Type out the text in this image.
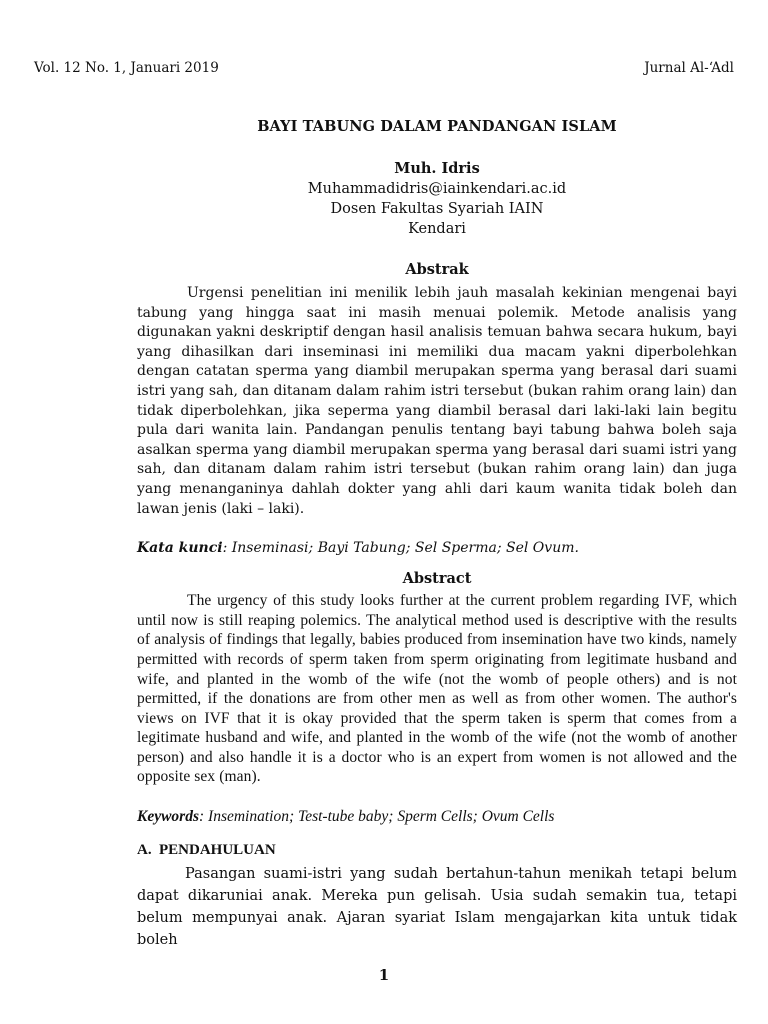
Vol. 12 No. 1, Januari 2019	Jurnal Al-‘Adl
BAYI TABUNG DALAM PANDANGAN ISLAM
Muh. Idris
Muhammadidris@iainkendari.ac.id
Dosen Fakultas Syariah IAIN
Kendari
Abstrak

Urgensi penelitian ini menilik lebih jauh masalah kekinian mengenai bayi tabung yang hingga saat ini masih menuai polemik. Metode analisis yang digunakan yakni deskriptif dengan hasil analisis temuan bahwa secara hukum, bayi yang dihasilkan dari inseminasi ini memiliki dua macam yakni diperbolehkan dengan catatan sperma yang diambil merupakan sperma yang berasal dari suami istri yang sah, dan ditanam dalam rahim istri tersebut (bukan rahim orang lain) dan tidak diperbolehkan, jika seperma yang diambil berasal dari laki-laki lain begitu pula dari wanita lain. Pandangan penulis tentang bayi tabung bahwa boleh saja asalkan sperma yang diambil merupakan sperma yang berasal dari suami istri yang sah, dan ditanam dalam rahim istri tersebut (bukan rahim orang lain) dan juga yang menanganinya dahlah dokter yang ahli dari kaum wanita tidak boleh dan lawan jenis (laki – laki).

Kata kunci: Inseminasi; Bayi Tabung; Sel Sperma; Sel Ovum.
Abstract

The urgency of this study looks further at the current problem regarding IVF, which until now is still reaping polemics. The analytical method used is descriptive with the results of analysis of findings that legally, babies produced from insemination have two kinds, namely permitted with records of sperm taken from sperm originating from legitimate husband and wife, and planted in the womb of the wife (not the womb of people others) and is not permitted, if the donations are from other men as well as from other women. The author's views on IVF that it is okay provided that the sperm taken is sperm that comes from a legitimate husband and wife, and planted in the womb of the wife (not the womb of another person) and also handle it is a doctor who is an expert from women is not allowed and the opposite sex (man).

Keywords: Insemination; Test-tube baby; Sperm Cells; Ovum Cells
A. PENDAHULUAN

Pasangan suami-istri yang sudah bertahun-tahun menikah tetapi belum dapat dikaruniai anak. Mereka pun gelisah. Usia sudah semakin tua, tetapi belum mempunyai anak. Ajaran syariat Islam mengajarkan kita untuk tidak boleh

1
